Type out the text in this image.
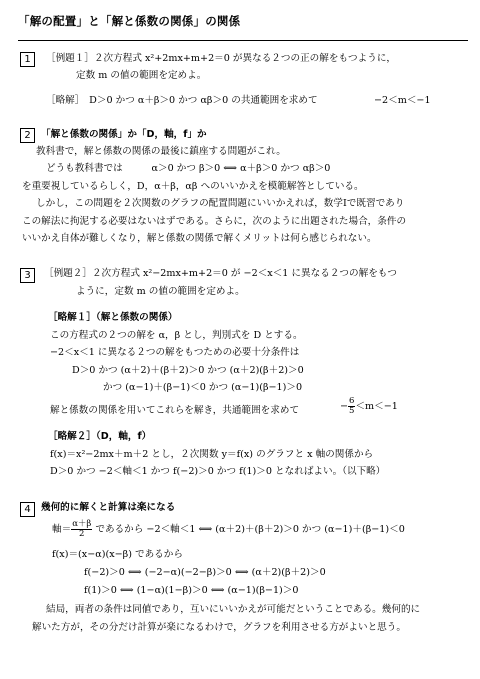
「解の配置」と「解と係数の関係」の関係
1	［例題１］２次方程式 x²+2mx+m+2＝0 が異なる２つの正の解をもつように，
定数 m の値の範囲を定めよ。
［略解］　D＞0 かつ α＋β＞0 かつ αβ＞0 の共通範囲を求めて	−2＜m＜−1
2	「解と係数の関係」か「D，軸，f」か
教科書で，解と係数の関係の最後に鎮座する問題がこれ。
どうも教科書では　　　α＞0 かつ β＞0 ⟺ α＋β＞0 かつ αβ＞0
を重要視しているらしく，D，α＋β，αβ へのいいかえを模範解答としている。
しかし，この問題を２次関数のグラフの配置問題にいいかえれば，数学Ⅰで既習であり
この解法に拘泥する必要はないはずである。さらに，次のように出題された場合，条件の
いいかえ自体が難しくなり，解と係数の関係で解くメリットは何ら感じられない。
3	［例題２］２次方程式 x²−2mx+m+2＝0 が −2＜x＜1 に異なる２つの解をもつ
ように，定数 m の値の範囲を定めよ。
［略解１］（解と係数の関係）
この方程式の２つの解を α，β とし，判別式を D とする。
−2＜x＜1 に異なる２つの解をもつための必要十分条件は
D＞0 かつ (α＋2)＋(β＋2)＞0 かつ (α＋2)(β＋2)＞0
かつ (α−1)＋(β−1)＜0 かつ (α−1)(β−1)＞0
解と係数の関係を用いてこれらを解き，共通範囲を求めて	− $\frac{6}{5} <m<-1$
［略解２］（D，軸，f）
f(x)＝x²−2mx＋m＋2 とし，２次関数 y＝f(x) のグラフと x 軸の関係から
D＞0 かつ −2＜軸＜1 かつ f(−2)＞0 かつ f(1)＞0 となればよい。（以下略）
4	幾何的に解くと計算は楽になる
軸＝ $\frac{\alpha+\beta}{2}$ であるから −2＜軸＜1 ⟺ (α＋2)＋(β＋2)＞0 かつ (α−1)＋(β−1)＜0
f(x)＝(x−α)(x−β) であるから
f(−2)＞0 ⟺ (−2−α)(−2−β)＞0 ⟺ (α＋2)(β＋2)＞0
f(1)＞0 ⟺ (1−α)(1−β)＞0 ⟺ (α−1)(β−1)＞0
結局，両者の条件は同値であり，互いにいいかえが可能だということである。幾何的に
解いた方が，その分だけ計算が楽になるわけで，グラフを利用させる方がよいと思う。
